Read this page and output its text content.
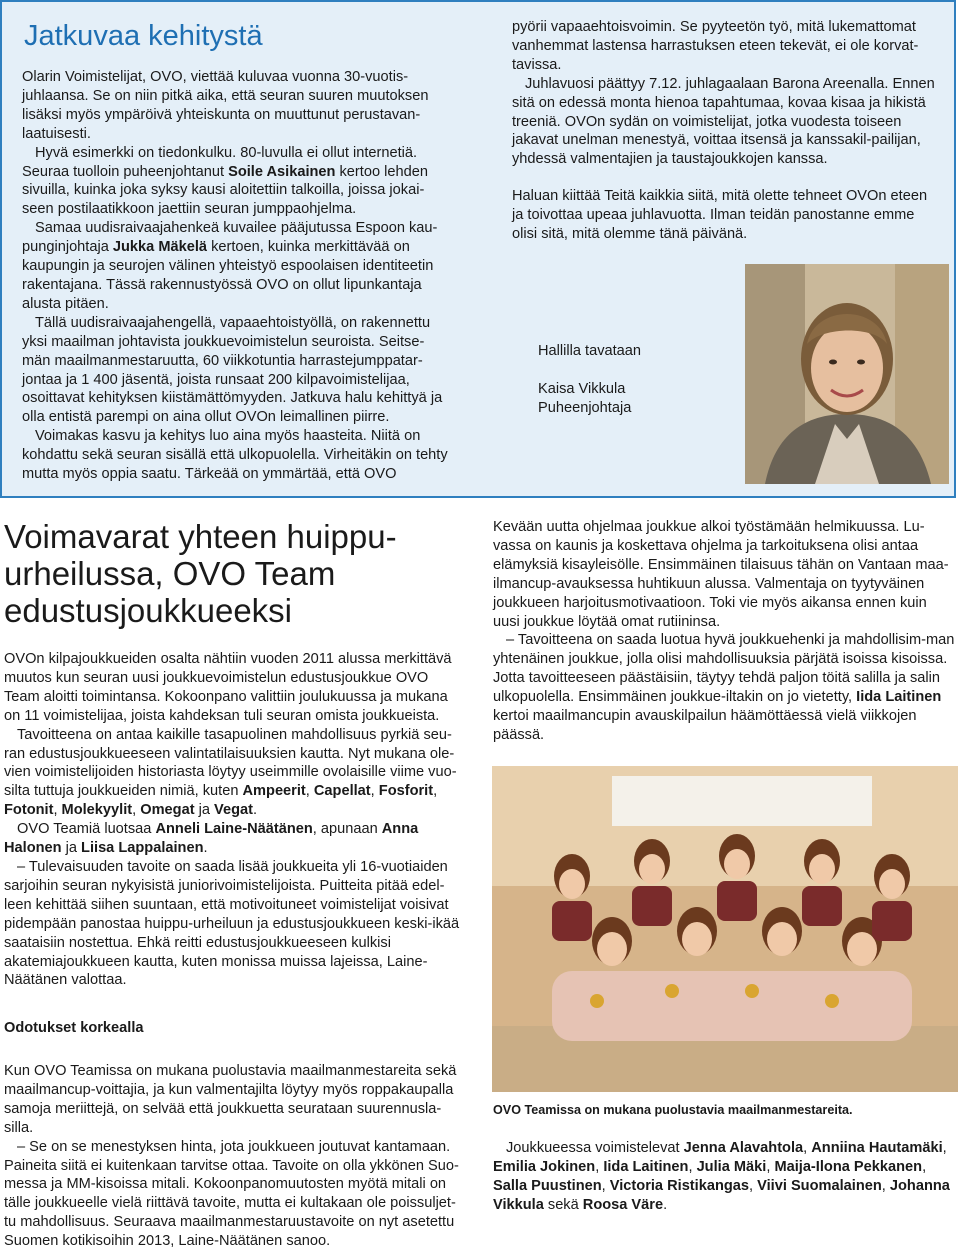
Jatkuvaa kehitystä

Olarin Voimistelijat, OVO, viettää kuluvaa vuonna 30-vuotis-juhlaansa. Se on niin pitkä aika, että seuran suuren muutoksen lisäksi myös ympäröivä yhteiskunta on muuttunut perustavan-laatuisesti.

Hyvä esimerkki on tiedonkulku. 80-luvulla ei ollut internetiä. Seuraa tuolloin puheenjohtanut Soile Asikainen kertoo lehden sivuilla, kuinka joka syksy kausi aloitettiin talkoilla, joissa jokai-seen postilaatikkoon jaettiin seuran jumppaohjelma.

Samaa uudisraivaajahenkeä kuvailee pääjutussa Espoon kau-punginjohtaja Jukka Mäkelä kertoen, kuinka merkittävää on kaupungin ja seurojen välinen yhteistyö espoolaisen identiteetin rakentajana. Tässä rakennustyössä OVO on ollut lipunkantaja alusta pitäen.

Tällä uudisraivaajahengellä, vapaaehtoistyöllä, on rakennettu yksi maailman johtavista joukkuevoimistelun seuroista. Seitse-män maailmanmestaruutta, 60 viikkotuntia harrastejumppatar-jontaa ja 1 400 jäsentä, joista runsaat 200 kilpavoimistelijaa, osoittavat kehityksen kiistämättömyyden. Jatkuva halu kehittyä ja olla entistä parempi on aina ollut OVOn leimallinen piirre.

Voimakas kasvu ja kehitys luo aina myös haasteita. Niitä on kohdattu sekä seuran sisällä että ulkopuolella. Virheitäkin on tehty mutta myös oppia saatu. Tärkeää on ymmärtää, että OVO

pyörii vapaaehtoisvoimin. Se pyyteetön työ, mitä lukemattomat vanhemmat lastensa harrastuksen eteen tekevät, ei ole korvat-tavissa.

Juhlavuosi päättyy 7.12. juhlagaalaan Barona Areenalla. Ennen sitä on edessä monta hienoa tapahtumaa, kovaa kisaa ja hikistä treeniä. OVOn sydän on voimistelijat, jotka vuodesta toiseen jakavat unelman menestyä, voittaa itsensä ja kanssakil-pailijan, yhdessä valmentajien ja taustajoukkojen kanssa.

Haluan kiittää Teitä kaikkia siitä, mitä olette tehneet OVOn eteen ja toivottaa upeaa juhlavuotta. Ilman teidän panostanne emme olisi sitä, mitä olemme tänä päivänä.

Hallilla tavataan

Kaisa Vikkula

Puheenjohtaja

Voimavarat yhteen huippu-urheilussa, OVO Team edustusjoukkueeksi

OVOn kilpajoukkueiden osalta nähtiin vuoden 2011 alussa merkittävä muutos kun seuran uusi joukkuevoimistelun edustusjoukkue OVO Team aloitti toimintansa. Kokoonpano valittiin joulukuussa ja mukana on 11 voimistelijaa, joista kahdeksan tuli seuran omista joukkueista.

Tavoitteena on antaa kaikille tasapuolinen mahdollisuus pyrkiä seu-ran edustusjoukkueeseen valintatilaisuuksien kautta. Nyt mukana ole-vien voimistelijoiden historiasta löytyy useimmille ovolaisille viime vuo-silta tuttuja joukkueiden nimiä, kuten Ampeerit, Capellat, Fosforit, Fotonit, Molekyylit, Omegat ja Vegat.

OVO Teamiä luotsaa Anneli Laine-Näätänen, apunaan Anna Halonen ja Liisa Lappalainen.

– Tulevaisuuden tavoite on saada lisää joukkueita yli 16-vuotiaiden sarjoihin seuran nykyisistä juniorivoimistelijoista. Puitteita pitää edel-leen kehittää siihen suuntaan, että motivoituneet voimistelijat voisivat pidempään panostaa huippu-urheiluun ja edustusjoukkueen keski-ikää saataisiin nostettua. Ehkä reitti edustusjoukkueeseen kulkisi akatemiajoukkueen kautta, kuten monissa muissa lajeissa, Laine-Näätänen valottaa.

Odotukset korkealla

Kun OVO Teamissa on mukana puolustavia maailmanmestareita sekä maailmancup-voittajia, ja kun valmentajilta löytyy myös roppakaupalla samoja meriittejä, on selvää että joukkuetta seurataan suurennusla-silla.

– Se on se menestyksen hinta, jota joukkueen joutuvat kantamaan. Paineita siitä ei kuitenkaan tarvitse ottaa. Tavoite on olla ykkönen Suo-messa ja MM-kisoissa mitali. Kokoonpanomuutosten myötä mitali on tälle joukkueelle vielä riittävä tavoite, mutta ei kultakaan ole poissuljet-tu mahdollisuus. Seuraava maailmanmestaruustavoite on nyt asetettu Suomen kotikisoihin 2013, Laine-Näätänen sanoo.

Kevään uutta ohjelmaa joukkue alkoi työstämään helmikuussa. Lu-vassa on kaunis ja koskettava ohjelma ja tarkoituksena olisi antaa elämyksiä kisayleisölle. Ensimmäinen tilaisuus tähän on Vantaan maa-ilmancup-avauksessa huhtikuun alussa. Valmentaja on tyytyväinen joukkueen harjoitusmotivaatioon. Toki vie myös aikansa ennen kuin uusi joukkue löytää omat rutiininsa.

– Tavoitteena on saada luotua hyvä joukkuehenki ja mahdollisim-man yhtenäinen joukkue, jolla olisi mahdollisuuksia pärjätä isoissa kisoissa. Jotta tavoitteeseen päästäisiin, täytyy tehdä paljon töitä salilla ja salin ulkopuolella. Ensimmäinen joukkue-iltakin on jo vietetty, Iida Laitinen kertoi maailmancupin avauskilpailun häämöttäessä vielä viikkojen päässä.

OVO Teamissa on mukana puolustavia maailmanmestareita.

Joukkueessa voimistelevat Jenna Alavahtola, Anniina Hautamäki, Emilia Jokinen, Iida Laitinen, Julia Mäki, Maija-Ilona Pekkanen, Salla Puustinen, Victoria Ristikangas, Viivi Suomalainen, Johanna Vikkula sekä Roosa Väre.
